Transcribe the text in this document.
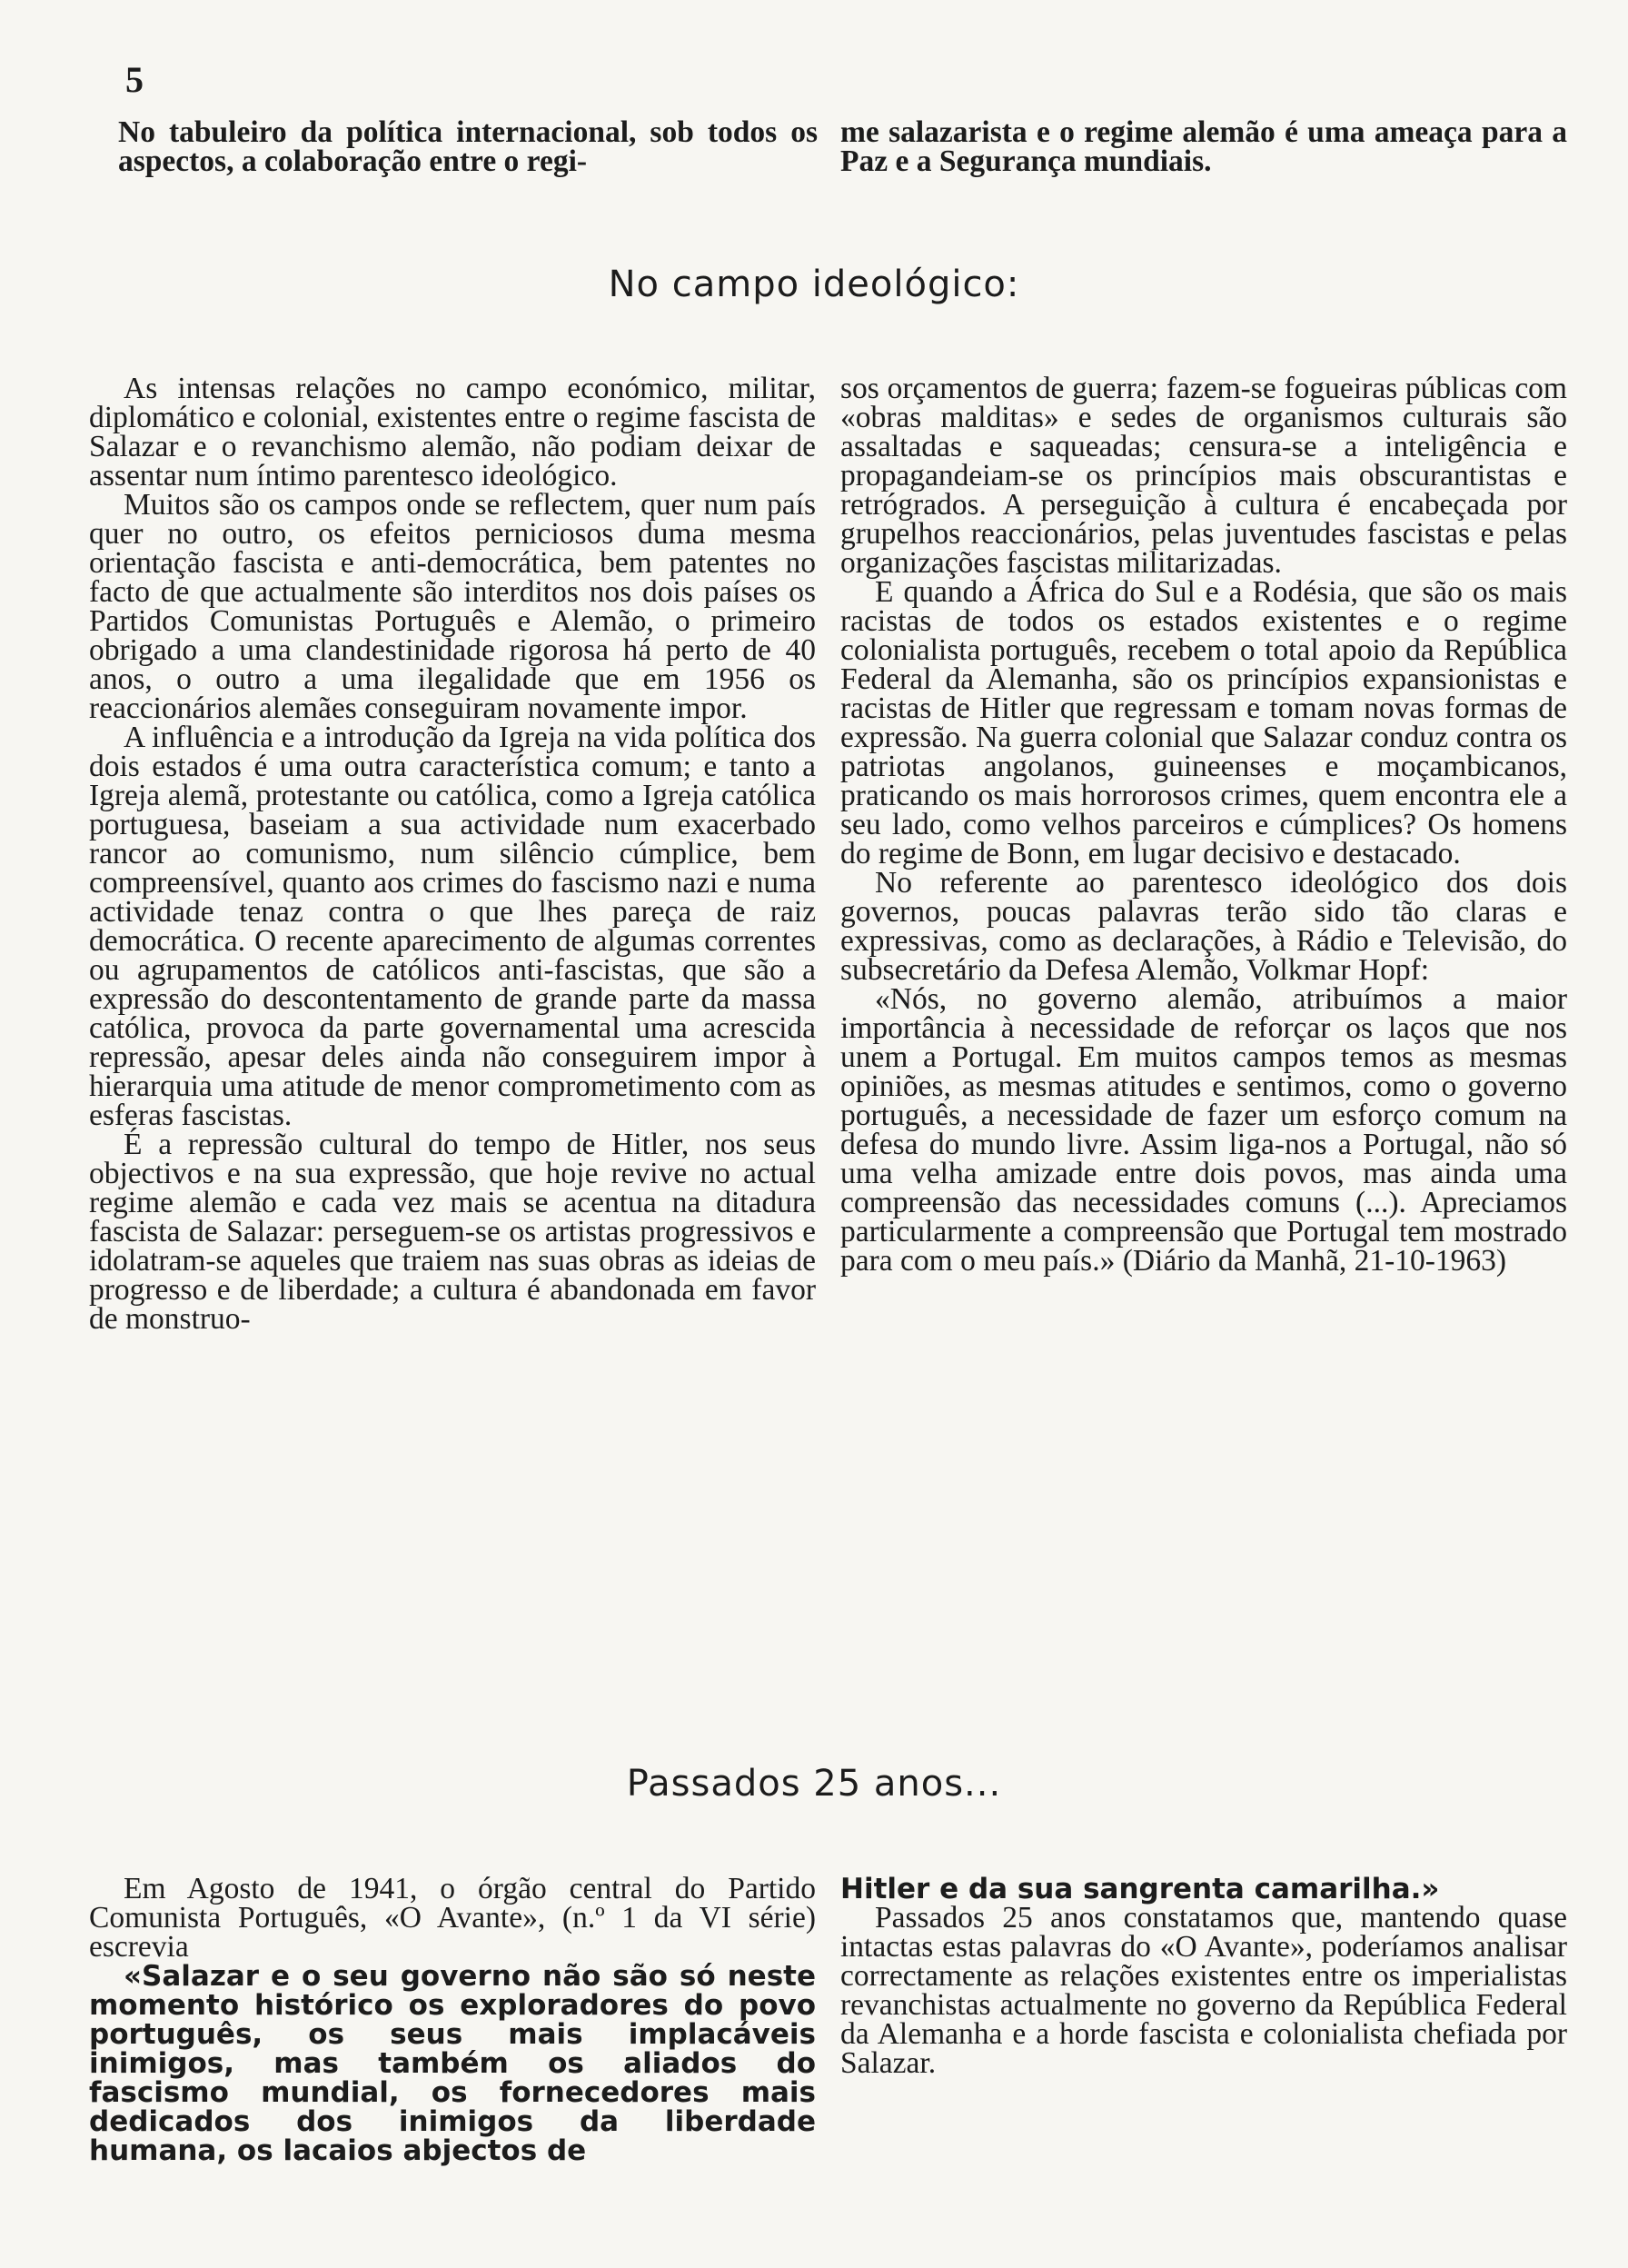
5

No tabuleiro da política internacional, sob todos os aspectos, a colaboração entre o regi-

me salazarista e o regime alemão é uma ameaça para a Paz e a Segurança mundiais.

No campo ideológico:

As intensas relações no campo económico, militar, diplomático e colonial, existentes entre o regime fascista de Salazar e o revanchismo alemão, não podiam deixar de assentar num íntimo parentesco ideológico.

Muitos são os campos onde se reflectem, quer num país quer no outro, os efeitos perniciosos duma mesma orientação fascista e anti-democrática, bem patentes no facto de que actualmente são interditos nos dois países os Partidos Comunistas Português e Alemão, o primeiro obrigado a uma clandestinidade rigorosa há perto de 40 anos, o outro a uma ilegalidade que em 1956 os reaccionários alemães conseguiram novamente impor.

A influência e a introdução da Igreja na vida política dos dois estados é uma outra característica comum; e tanto a Igreja alemã, protestante ou católica, como a Igreja católica portuguesa, baseiam a sua actividade num exacerbado rancor ao comunismo, num silêncio cúmplice, bem compreensível, quanto aos crimes do fascismo nazi e numa actividade tenaz contra o que lhes pareça de raiz democrática. O recente aparecimento de algumas correntes ou agrupamentos de católicos anti-fascistas, que são a expressão do descontentamento de grande parte da massa católica, provoca da parte governamental uma acrescida repressão, apesar deles ainda não conseguirem impor à hierarquia uma atitude de menor comprometimento com as esferas fascistas.

É a repressão cultural do tempo de Hitler, nos seus objectivos e na sua expressão, que hoje revive no actual regime alemão e cada vez mais se acentua na ditadura fascista de Salazar: perseguem-se os artistas progressivos e idolatram-se aqueles que traiem nas suas obras as ideias de progresso e de liberdade; a cultura é abandonada em favor de monstruo-

sos orçamentos de guerra; fazem-se fogueiras públicas com «obras malditas» e sedes de organismos culturais são assaltadas e saqueadas; censura-se a inteligência e propagandeiam-se os princípios mais obscurantistas e retrógrados. A perseguição à cultura é encabeçada por grupelhos reaccionários, pelas juventudes fascistas e pelas organizações fascistas militarizadas.

E quando a África do Sul e a Rodésia, que são os mais racistas de todos os estados existentes e o regime colonialista português, recebem o total apoio da República Federal da Alemanha, são os princípios expansionistas e racistas de Hitler que regressam e tomam novas formas de expressão. Na guerra colonial que Salazar conduz contra os patriotas angolanos, guineenses e moçambicanos, praticando os mais horrorosos crimes, quem encontra ele a seu lado, como velhos parceiros e cúmplices? Os homens do regime de Bonn, em lugar decisivo e destacado.

No referente ao parentesco ideológico dos dois governos, poucas palavras terão sido tão claras e expressivas, como as declarações, à Rádio e Televisão, do subsecretário da Defesa Alemão, Volkmar Hopf:

«Nós, no governo alemão, atribuímos a maior importância à necessidade de reforçar os laços que nos unem a Portugal. Em muitos campos temos as mesmas opiniões, as mesmas atitudes e sentimos, como o governo português, a necessidade de fazer um esforço comum na defesa do mundo livre. Assim liga-nos a Portugal, não só uma velha amizade entre dois povos, mas ainda uma compreensão das necessidades comuns (...). Apreciamos particularmente a compreensão que Portugal tem mostrado para com o meu país.» (Diário da Manhã, 21-10-1963)

Passados 25 anos...

Em Agosto de 1941, o órgão central do Partido Comunista Português, «O Avante», (n.º 1 da VI série) escrevia

«Salazar e o seu governo não são só neste momento histórico os exploradores do povo português, os seus mais implacáveis inimigos, mas também os aliados do fascismo mundial, os fornecedores mais dedicados dos inimigos da liberdade humana, os lacaios abjectos de

Hitler e da sua sangrenta camarilha.»

Passados 25 anos constatamos que, mantendo quase intactas estas palavras do «O Avante», poderíamos analisar correctamente as relações existentes entre os imperialistas revanchistas actualmente no governo da República Federal da Alemanha e a horde fascista e colonialista chefiada por Salazar.
